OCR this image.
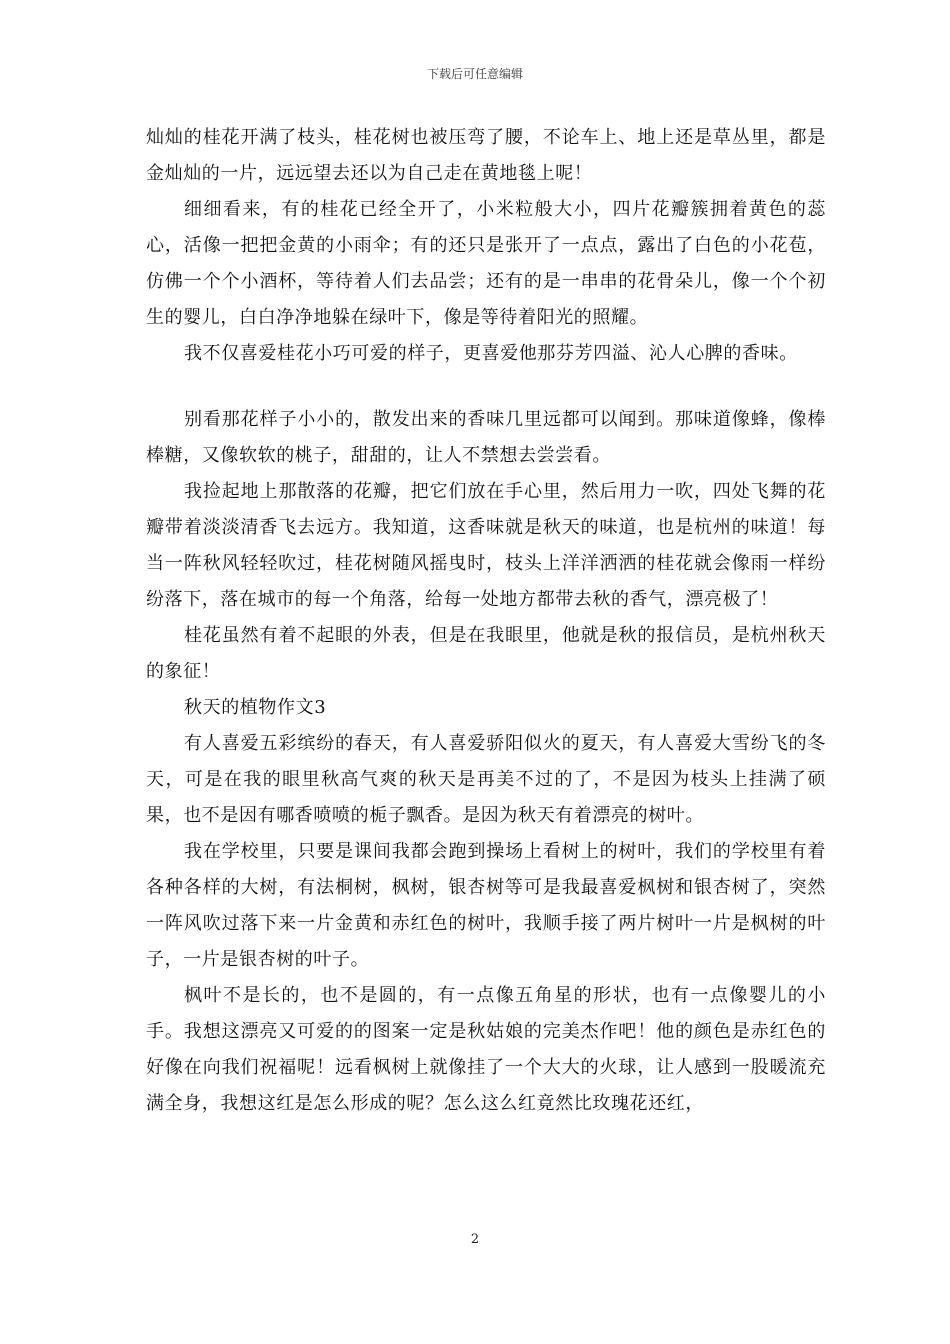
下载后可任意编辑

灿灿的桂花开满了枝头，桂花树也被压弯了腰，不论车上、地上还是草丛里，都是金灿灿的一片，远远望去还以为自己走在黄地毯上呢！

细细看来，有的桂花已经全开了，小米粒般大小，四片花瓣簇拥着黄色的蕊心，活像一把把金黄的小雨伞；有的还只是张开了一点点，露出了白色的小花苞，仿佛一个个小酒杯，等待着人们去品尝；还有的是一串串的花骨朵儿，像一个个初生的婴儿，白白净净地躲在绿叶下，像是等待着阳光的照耀。

我不仅喜爱桂花小巧可爱的样子，更喜爱他那芬芳四溢、沁人心脾的香味。

别看那花样子小小的，散发出来的香味几里远都可以闻到。那味道像蜂，像棒棒糖，又像软软的桃子，甜甜的，让人不禁想去尝尝看。

我捡起地上那散落的花瓣，把它们放在手心里，然后用力一吹，四处飞舞的花瓣带着淡淡清香飞去远方。我知道，这香味就是秋天的味道，也是杭州的味道！每当一阵秋风轻轻吹过，桂花树随风摇曳时，枝头上洋洋洒洒的桂花就会像雨一样纷纷落下，落在城市的每一个角落，给每一处地方都带去秋的香气，漂亮极了！

桂花虽然有着不起眼的外表，但是在我眼里，他就是秋的报信员，是杭州秋天的象征！

秋天的植物作文3

有人喜爱五彩缤纷的春天，有人喜爱骄阳似火的夏天，有人喜爱大雪纷飞的冬天，可是在我的眼里秋高气爽的秋天是再美不过的了，不是因为枝头上挂满了硕果，也不是因有哪香喷喷的栀子飘香。是因为秋天有着漂亮的树叶。

我在学校里，只要是课间我都会跑到操场上看树上的树叶，我们的学校里有着各种各样的大树，有法桐树，枫树，银杏树等可是我最喜爱枫树和银杏树了，突然一阵风吹过落下来一片金黄和赤红色的树叶，我顺手接了两片树叶一片是枫树的叶子，一片是银杏树的叶子。

枫叶不是长的，也不是圆的，有一点像五角星的形状，也有一点像婴儿的小手。我想这漂亮又可爱的的图案一定是秋姑娘的完美杰作吧！他的颜色是赤红色的好像在向我们祝福呢！远看枫树上就像挂了一个大大的火球，让人感到一股暖流充满全身，我想这红是怎么形成的呢？怎么这么红竟然比玫瑰花还红，

2
